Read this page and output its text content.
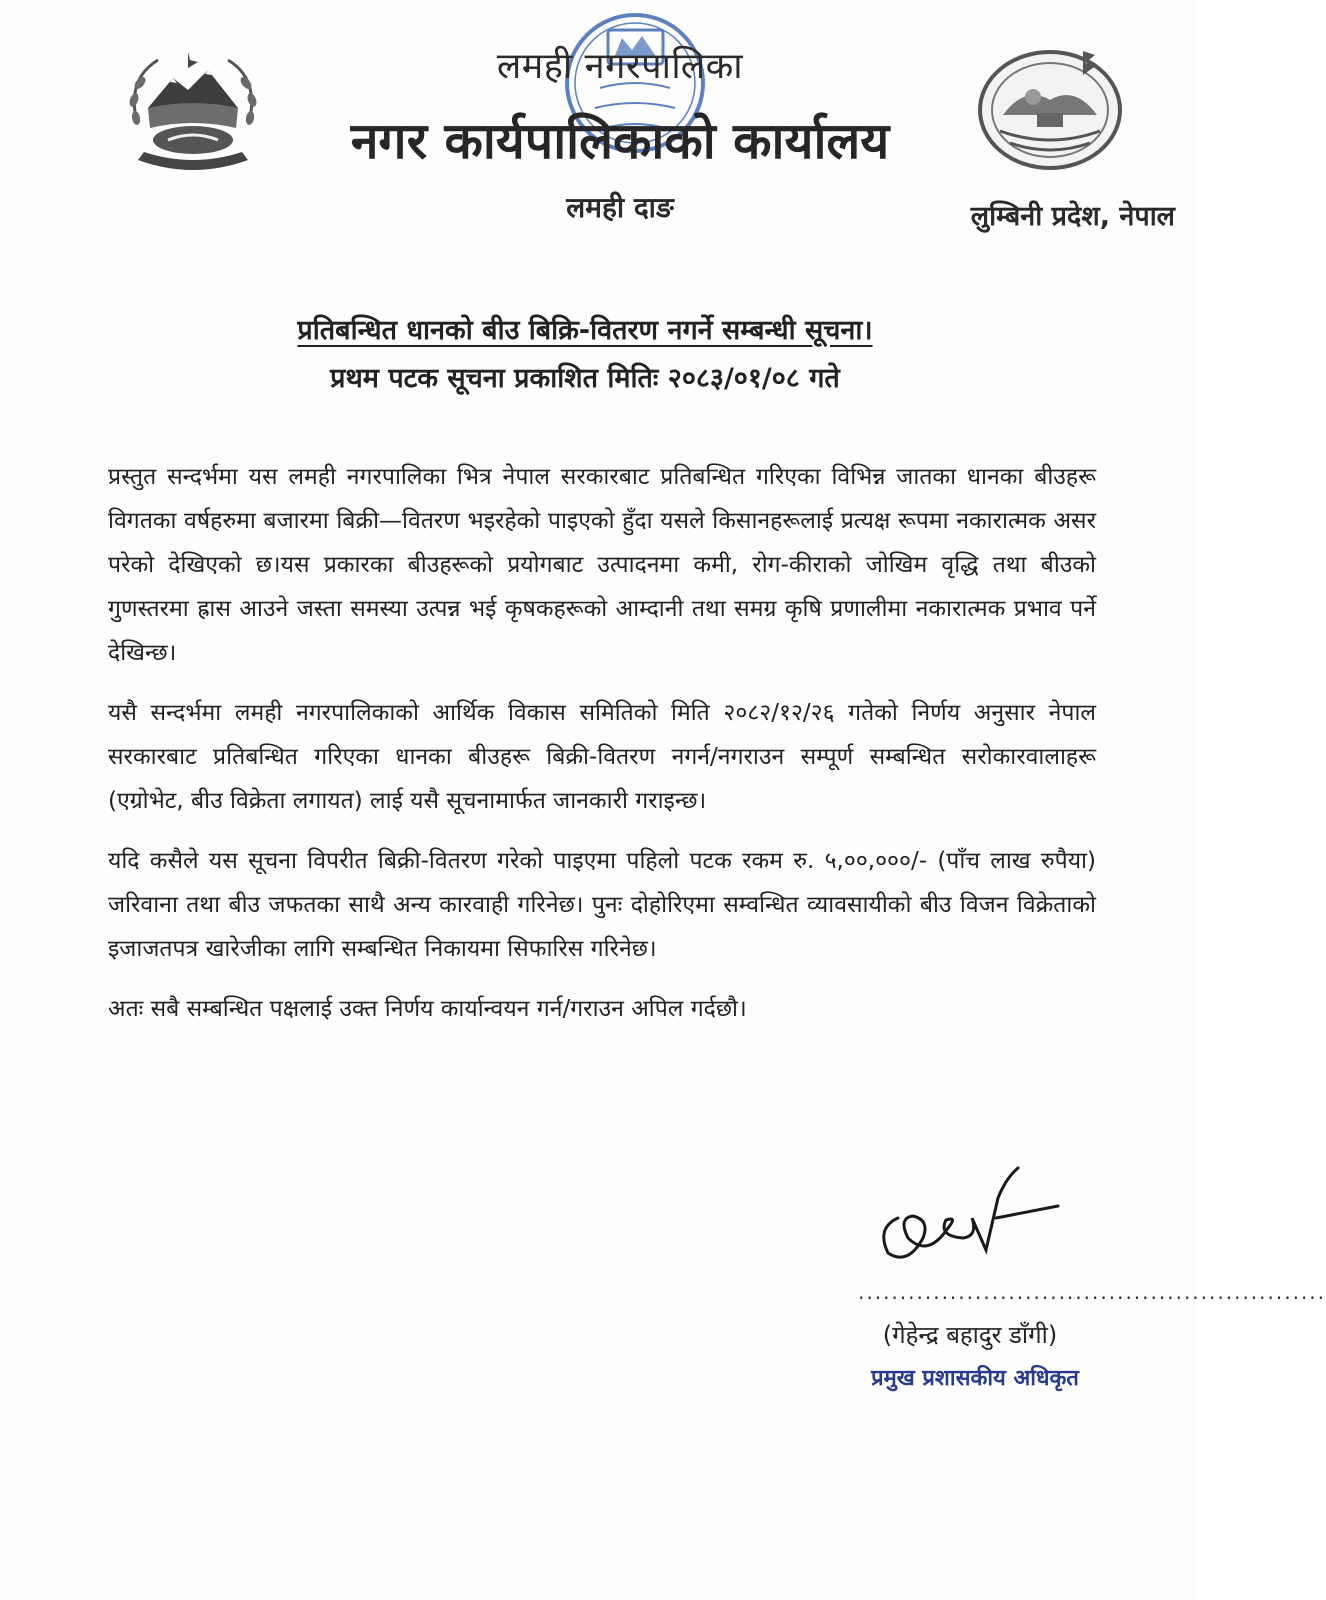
लमही नगरपालिका
नगर कार्यपालिकाको कार्यालय
लमही दाङ	लुम्बिनी प्रदेश, नेपाल
प्रतिबन्धित धानको बीउ बिक्रि-वितरण नगर्ने सम्बन्धी सूचना।
प्रथम पटक सूचना प्रकाशित मितिः २०८३/०१/०८ गते

प्रस्तुत सन्दर्भमा यस लमही नगरपालिका भित्र नेपाल सरकारबाट प्रतिबन्धित गरिएका विभिन्न जातका धानका बीउहरू विगतका वर्षहरुमा बजारमा बिक्री—वितरण भइरहेको पाइएको हुँदा यसले किसानहरूलाई प्रत्यक्ष रूपमा नकारात्मक असर परेको देखिएको छ।यस प्रकारका बीउहरूको प्रयोगबाट उत्पादनमा कमी, रोग-कीराको जोखिम वृद्धि तथा बीउको गुणस्तरमा ह्रास आउने जस्ता समस्या उत्पन्न भई कृषकहरूको आम्दानी तथा समग्र कृषि प्रणालीमा नकारात्मक प्रभाव पर्ने देखिन्छ।

यसै सन्दर्भमा लमही नगरपालिकाको आर्थिक विकास समितिको मिति २०८२/१२/२६ गतेको निर्णय अनुसार नेपाल सरकारबाट प्रतिबन्धित गरिएका धानका बीउहरू बिक्री-वितरण नगर्न/नगराउन सम्पूर्ण सम्बन्धित सरोकारवालाहरू (एग्रोभेट, बीउ विक्रेता लगायत) लाई यसै सूचनामार्फत जानकारी गराइन्छ।

यदि कसैले यस सूचना विपरीत बिक्री-वितरण गरेको पाइएमा पहिलो पटक रकम रु. ५,००,०००/- (पाँच लाख रुपैया) जरिवाना तथा बीउ जफतका साथै अन्य कारवाही गरिनेछ। पुनः दोहोरिएमा सम्वन्धित व्यावसायीको बीउ विजन विक्रेताको इजाजतपत्र खारेजीका लागि सम्बन्धित निकायमा सिफारिस गरिनेछ।

अतः सबै सम्बन्धित पक्षलाई उक्त निर्णय कार्यान्वयन गर्न/गराउन अपिल गर्दछौ।

........................................................
(गेहेन्द्र बहादुर डाँगी)
प्रमुख प्रशासकीय अधिकृत
